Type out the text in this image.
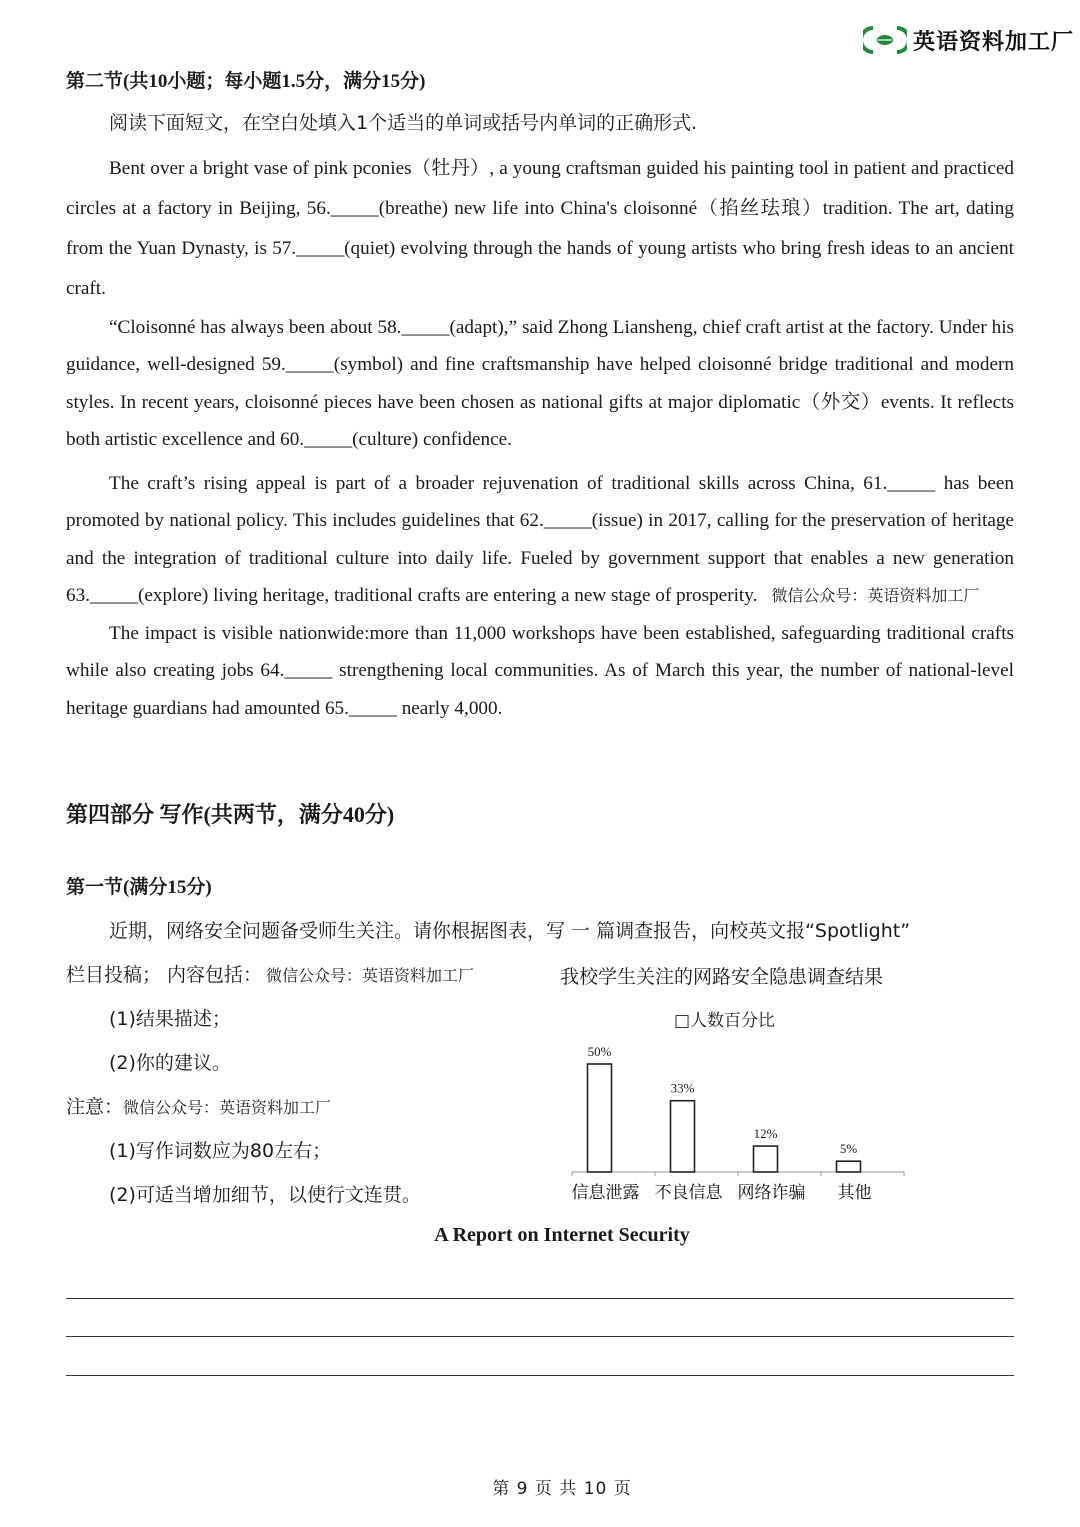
英语资料加工厂
第二节(共10小题；每小题1.5分，满分15分)

阅读下面短文，在空白处填入1个适当的单词或括号内单词的正确形式.

Bent over a bright vase of pink pconies（牡丹）, a young craftsman guided his painting tool in patient and practiced circles at a factory in Beijing, 56._____(breathe) new life into China's cloisonné（掐丝珐琅）tradition. The art, dating from the Yuan Dynasty, is 57._____(quiet) evolving through the hands of young artists who bring fresh ideas to an ancient craft.

“Cloisonné has always been about 58._____(adapt),” said Zhong Liansheng, chief craft artist at the factory. Under his guidance, well-designed 59._____(symbol) and fine craftsmanship have helped cloisonné bridge traditional and modern styles. In recent years, cloisonné pieces have been chosen as national gifts at major diplomatic（外交）events. It reflects both artistic excellence and 60._____(culture) confidence.

The craft’s rising appeal is part of a broader rejuvenation of traditional skills across China, 61._____ has been promoted by national policy. This includes guidelines that 62._____(issue) in 2017, calling for the preservation of heritage and the integration of traditional culture into daily life. Fueled by government support that enables a new generation 63._____(explore) living heritage, traditional crafts are entering a new stage of prosperity. 微信公众号：英语资料加工厂

The impact is visible nationwide:more than 11,000 workshops have been established, safeguarding traditional crafts while also creating jobs 64._____ strengthening local communities. As of March this year, the number of national-level heritage guardians had amounted 65._____ nearly 4,000.

第四部分 写作(共两节，满分40分)
第一节(满分15分)
近期，网络安全问题备受师生关注。请你根据图表，写 一 篇调查报告，向校英文报“Spotlight”
栏目投稿； 内容包括： 微信公众号：英语资料加工厂
(1)结果描述；
(2)你的建议。
注意：微信公众号：英语资料加工厂
(1)写作词数应为80左右；
(2)可适当增加细节，以使行文连贯。
我校学生关注的网路安全隐患调查结果
□人数百分比
50%
信息泄露
33%
不良信息
12%
网络诈骗
5%
其他
A Report on Internet Security
第 9 页 共 10 页
